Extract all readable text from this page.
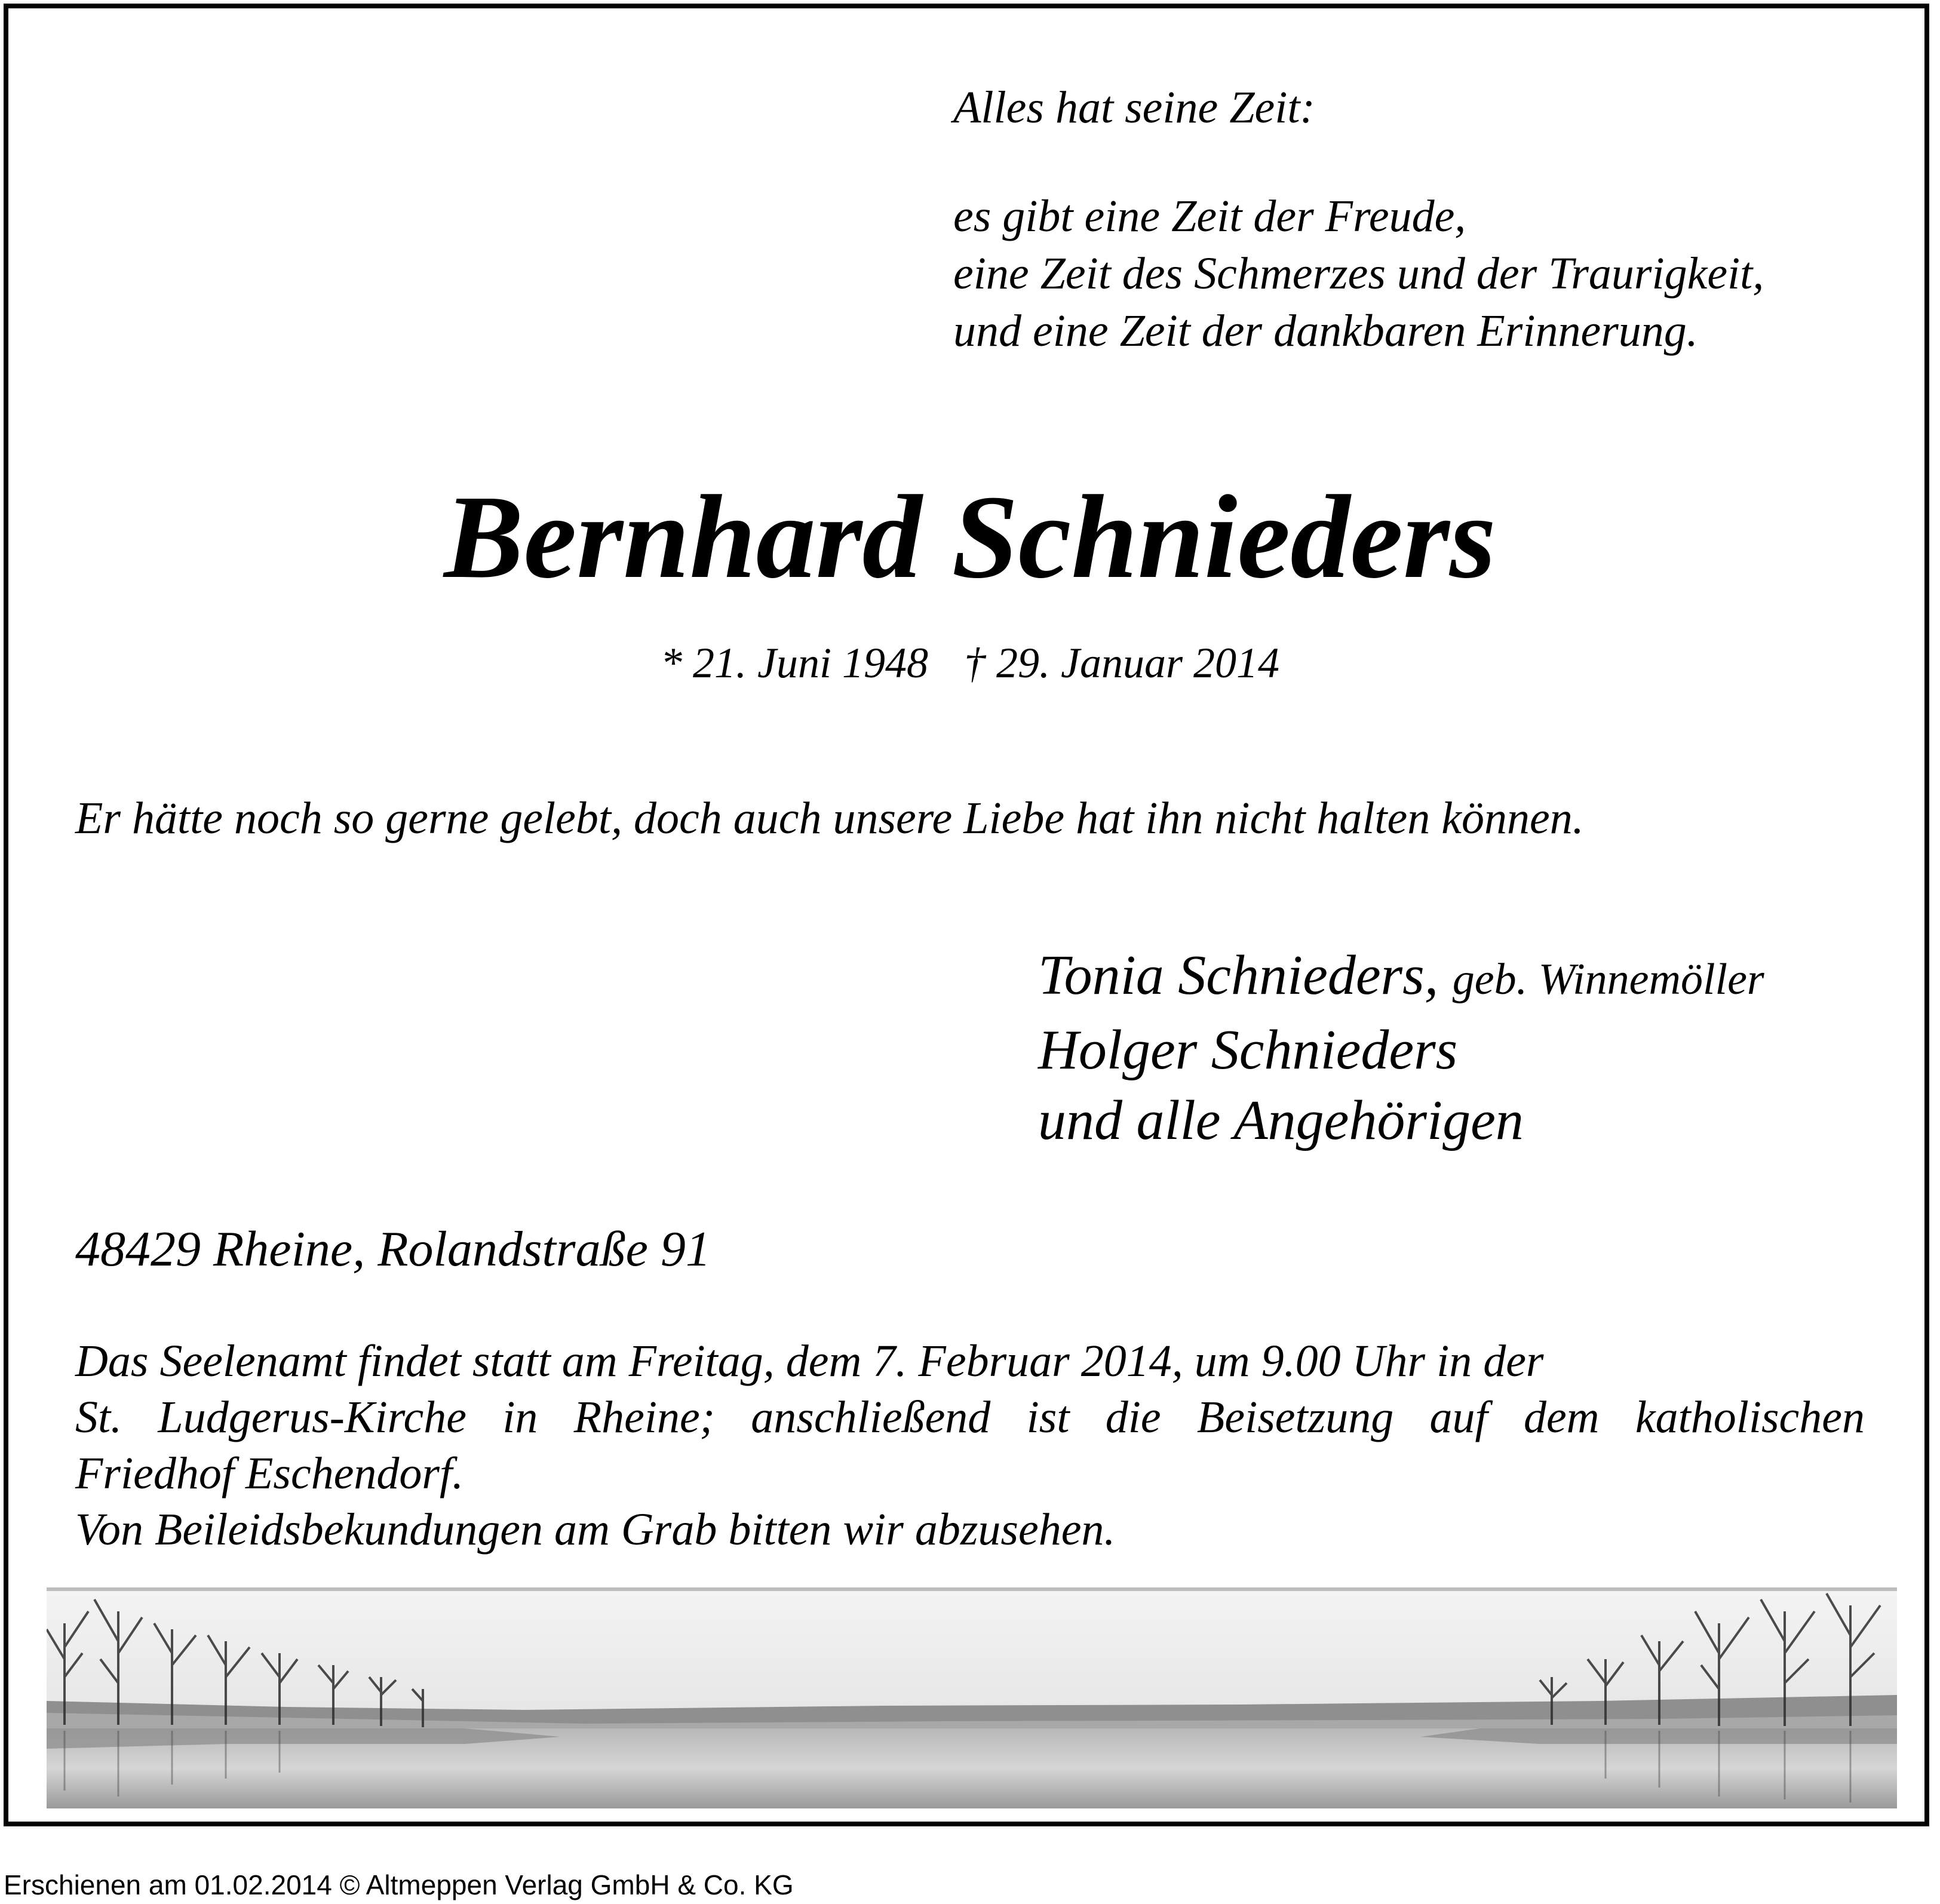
Alles hat seine Zeit:

es gibt eine Zeit der Freude,

eine Zeit des Schmerzes und der Traurigkeit,

und eine Zeit der dankbaren Erinnerung.

Bernhard Schnieders
* 21. Juni 1948 † 29. Januar 2014
Er hätte noch so gerne gelebt, doch auch unsere Liebe hat ihn nicht halten können.

Tonia Schnieders, geb. Winnemöller

Holger Schnieders

und alle Angehörigen

48429 Rheine, Rolandstraße 91

Das Seelenamt findet statt am Freitag, dem 7. Februar 2014, um 9.00 Uhr in der

St. Ludgerus-Kirche in Rheine; anschließend ist die Beisetzung auf dem katholischen

Friedhof Eschendorf.

Von Beileidsbekundungen am Grab bitten wir abzusehen.

Erschienen am 01.02.2014 © Altmeppen Verlag GmbH & Co. KG
